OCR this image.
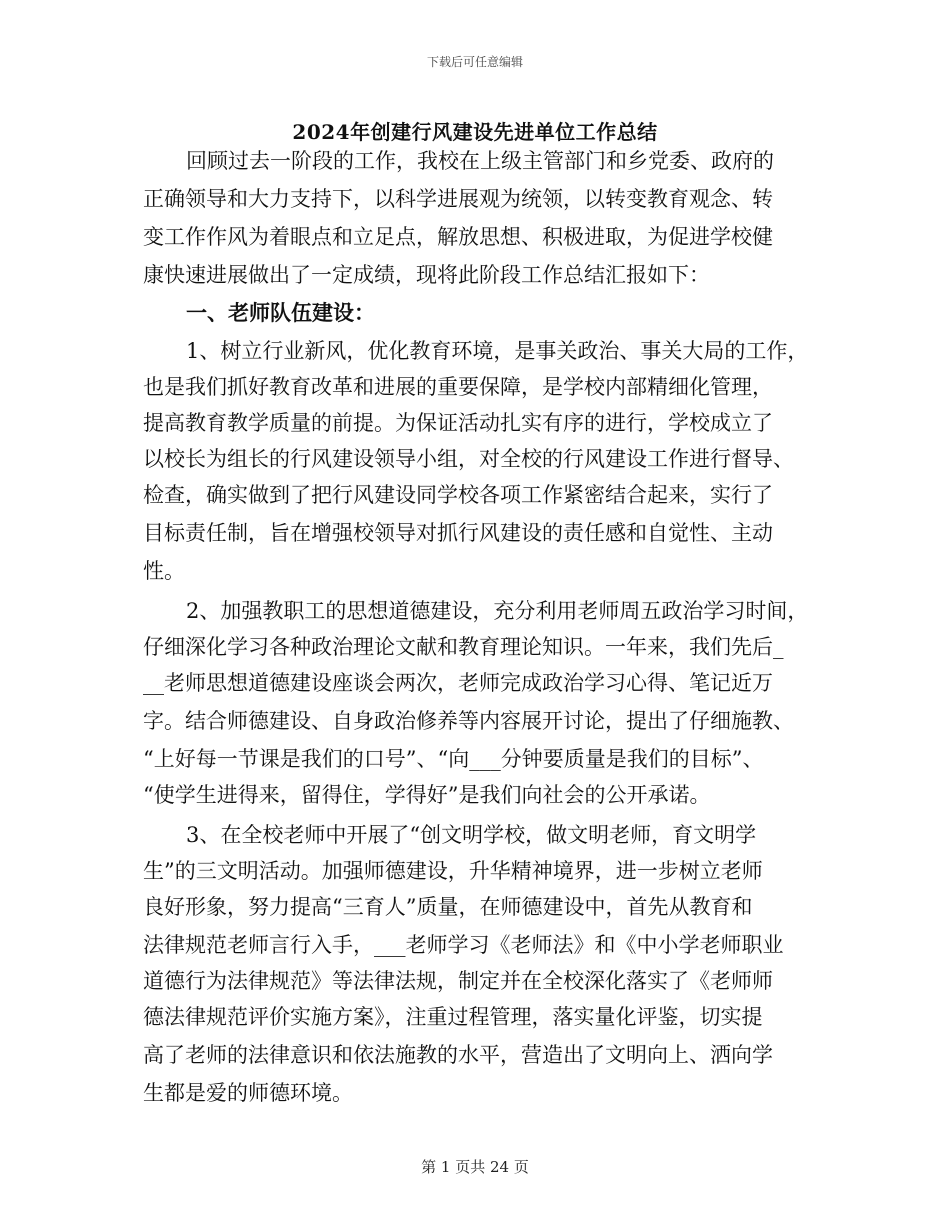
下载后可任意编辑
2024年创建行风建设先进单位工作总结
回顾过去一阶段的工作，我校在上级主管部门和乡党委、政府的
正确领导和大力支持下，以科学进展观为统领，以转变教育观念、转
变工作作风为着眼点和立足点，解放思想、积极进取，为促进学校健
康快速进展做出了一定成绩，现将此阶段工作总结汇报如下：
一、老师队伍建设：
1、树立行业新风，优化教育环境，是事关政治、事关大局的工作，
也是我们抓好教育改革和进展的重要保障，是学校内部精细化管理，
提高教育教学质量的前提。为保证活动扎实有序的进行，学校成立了
以校长为组长的行风建设领导小组，对全校的行风建设工作进行督导、
检查，确实做到了把行风建设同学校各项工作紧密结合起来，实行了
目标责任制，旨在增强校领导对抓行风建设的责任感和自觉性、主动
性。
2、加强教职工的思想道德建设，充分利用老师周五政治学习时间，
仔细深化学习各种政治理论文献和教育理论知识。一年来，我们先后_
__老师思想道德建设座谈会两次，老师完成政治学习心得、笔记近万
字。结合师德建设、自身政治修养等内容展开讨论，提出了仔细施教、
“上好每一节课是我们的口号”、“向___分钟要质量是我们的目标”、
“使学生进得来，留得住，学得好”是我们向社会的公开承诺。
3、在全校老师中开展了“创文明学校，做文明老师，育文明学
生”的三文明活动。加强师德建设，升华精神境界，进一步树立老师
良好形象，努力提高“三育人”质量，在师德建设中，首先从教育和
法律规范老师言行入手，___老师学习《老师法》和《中小学老师职业
道德行为法律规范》等法律法规，制定并在全校深化落实了《老师师
德法律规范评价实施方案》，注重过程管理，落实量化评鉴，切实提
高了老师的法律意识和依法施教的水平，营造出了文明向上、洒向学
生都是爱的师德环境。
第 1 页共 24 页
